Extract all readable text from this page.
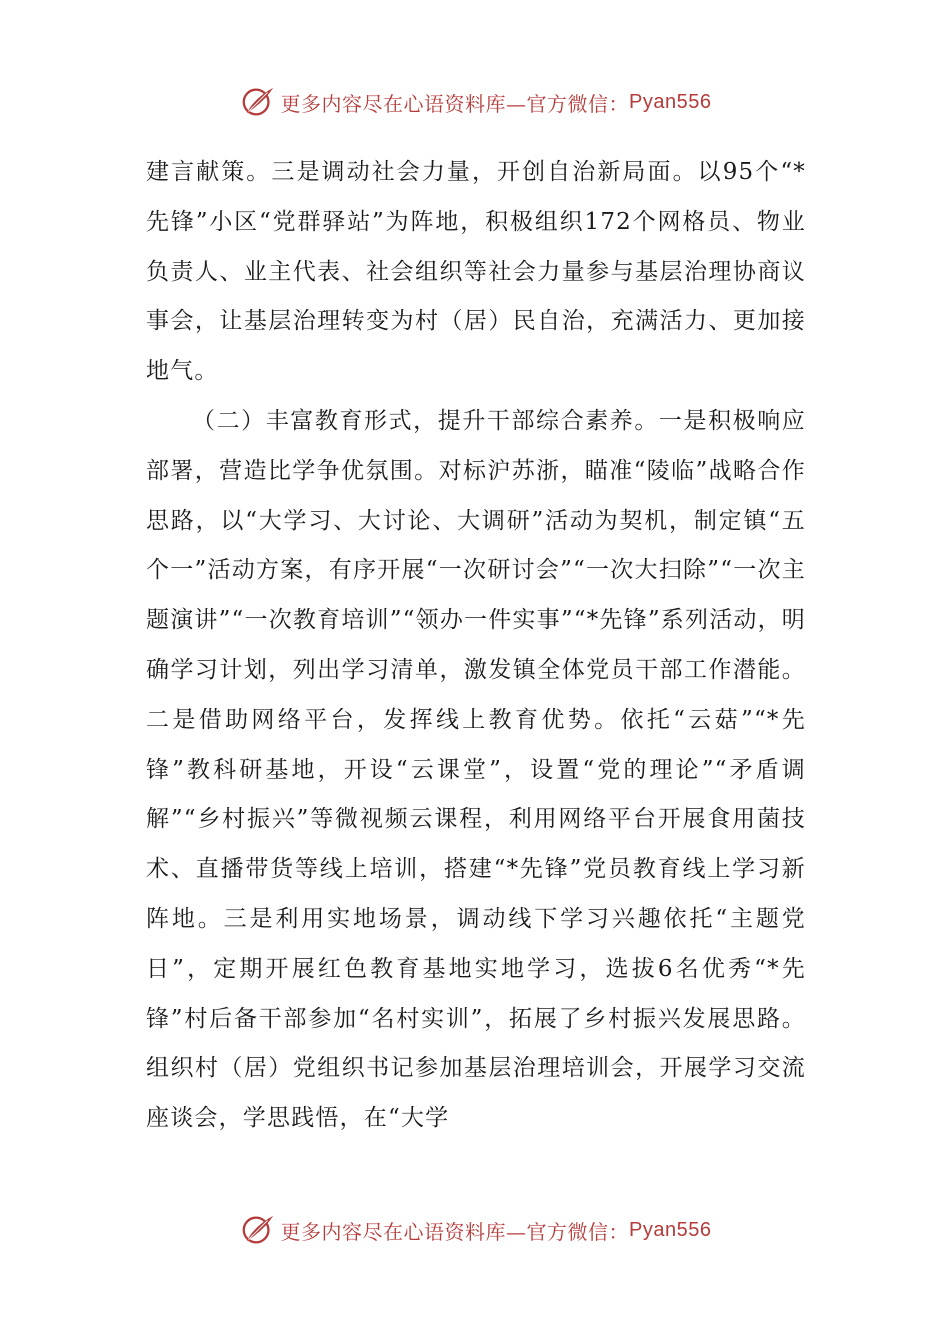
更多内容尽在心语资料库—官方微信： Pyan556

建言献策。三是调动社会力量，开创自治新局面。以95个“*先锋”小区“党群驿站”为阵地，积极组织172个网格员、物业负责人、业主代表、社会组织等社会力量参与基层治理协商议事会，让基层治理转变为村（居）民自治，充满活力、更加接地气。

（二）丰富教育形式，提升干部综合素养。一是积极响应部署，营造比学争优氛围。对标沪苏浙，瞄准“陵临”战略合作思路，以“大学习、大讨论、大调研”活动为契机，制定镇“五个一”活动方案，有序开展“一次研讨会”“一次大扫除”“一次主题演讲”“一次教育培训”“领办一件实事”“*先锋”系列活动，明确学习计划，列出学习清单，激发镇全体党员干部工作潜能。二是借助网络平台，发挥线上教育优势。依托“云菇”“*先锋”教科研基地，开设“云课堂”，设置“党的理论”“矛盾调解”“乡村振兴”等微视频云课程，利用网络平台开展食用菌技术、直播带货等线上培训，搭建“*先锋”党员教育线上学习新阵地。三是利用实地场景，调动线下学习兴趣依托“主题党日”，定期开展红色教育基地实地学习，选拔6名优秀“*先锋”村后备干部参加“名村实训”，拓展了乡村振兴发展思路。组织村（居）党组织书记参加基层治理培训会，开展学习交流座谈会，学思践悟，在“大学

更多内容尽在心语资料库—官方微信： Pyan556
